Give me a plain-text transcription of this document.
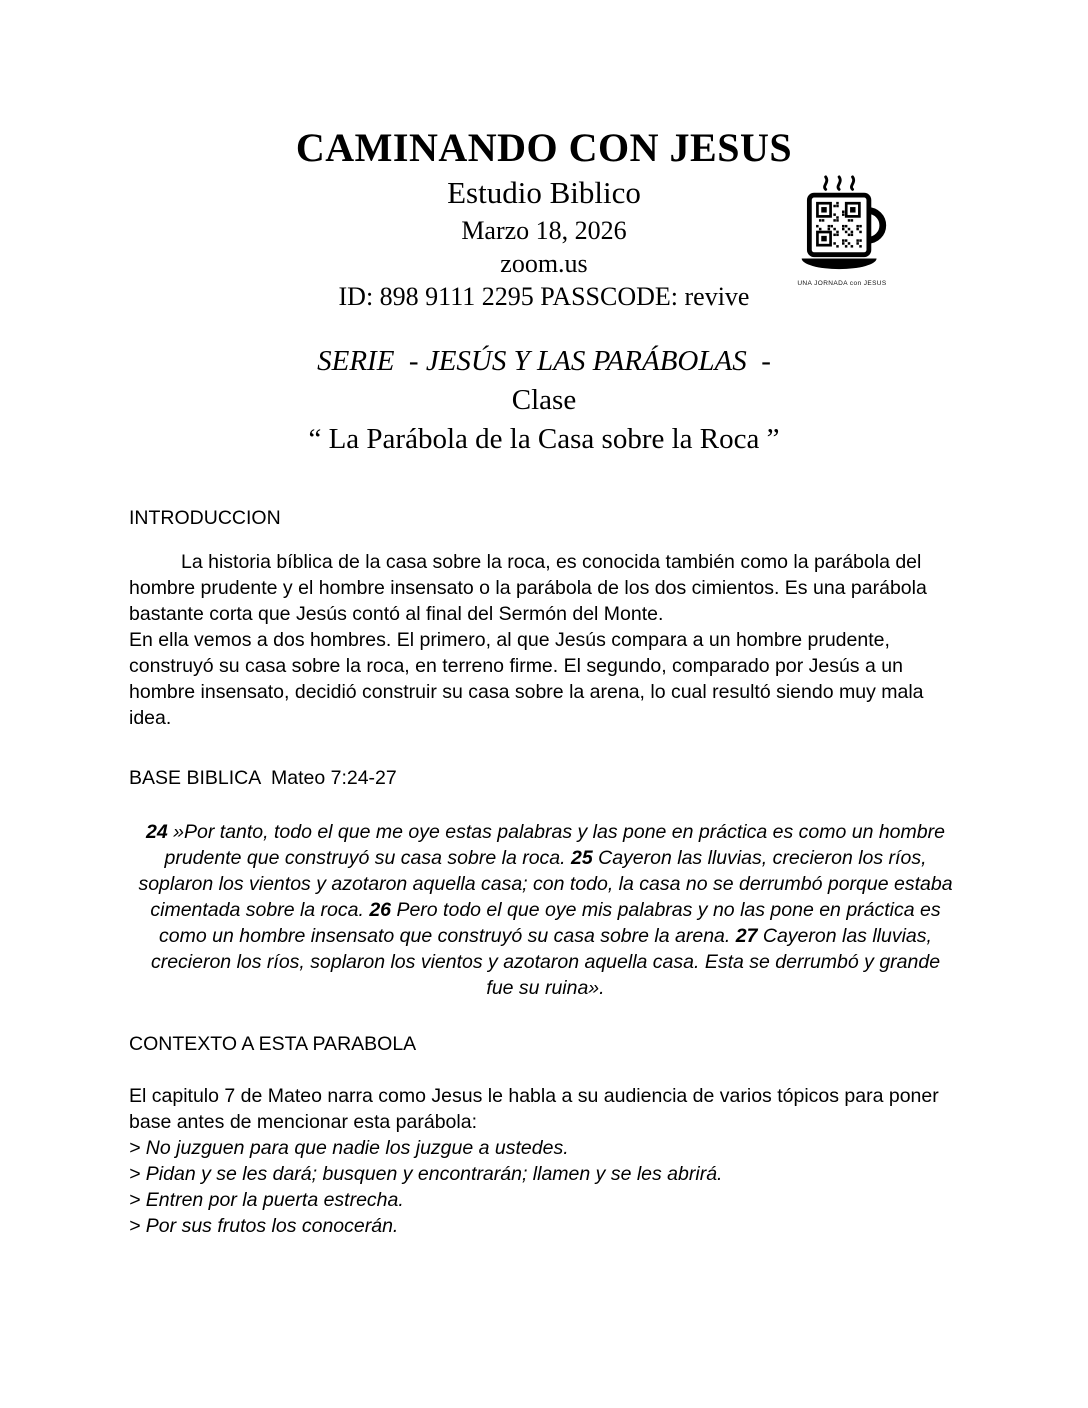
CAMINANDO CON JESUS
Estudio Biblico
Marzo 18, 2026
zoom.us
ID: 898 9111 2295 PASSCODE: revive	UNA JORNADA con JESUS
SERIE  - JESÚS Y LAS PARÁBOLAS  -
Clase
“ La Parábola de la Casa sobre la Roca ”
INTRODUCCION

La historia bíblica de la casa sobre la roca, es conocida también como la parábola del hombre prudente y el hombre insensato o la parábola de los dos cimientos. Es una parábola bastante corta que Jesús contó al final del Sermón del Monte.

En ella vemos a dos hombres. El primero, al que Jesús compara a un hombre prudente, construyó su casa sobre la roca, en terreno firme. El segundo, comparado por Jesús a un hombre insensato, decidió construir su casa sobre la arena, lo cual resultó siendo muy mala idea.

BASE BIBLICA  Mateo 7:24-27

24 »Por tanto, todo el que me oye estas palabras y las pone en práctica es como un hombre prudente que construyó su casa sobre la roca. 25 Cayeron las lluvias, crecieron los ríos, soplaron los vientos y azotaron aquella casa; con todo, la casa no se derrumbó porque estaba cimentada sobre la roca. 26 Pero todo el que oye mis palabras y no las pone en práctica es como un hombre insensato que construyó su casa sobre la arena. 27 Cayeron las lluvias, crecieron los ríos, soplaron los vientos y azotaron aquella casa. Esta se derrumbó y grande fue su ruina».

CONTEXTO A ESTA PARABOLA

El capitulo 7 de Mateo narra como Jesus le habla a su audiencia de varios tópicos para poner base antes de mencionar esta parábola:

> No juzguen para que nadie los juzgue a ustedes.

> Pidan y se les dará; busquen y encontrarán; llamen y se les abrirá.

> Entren por la puerta estrecha.

> Por sus frutos los conocerán.
